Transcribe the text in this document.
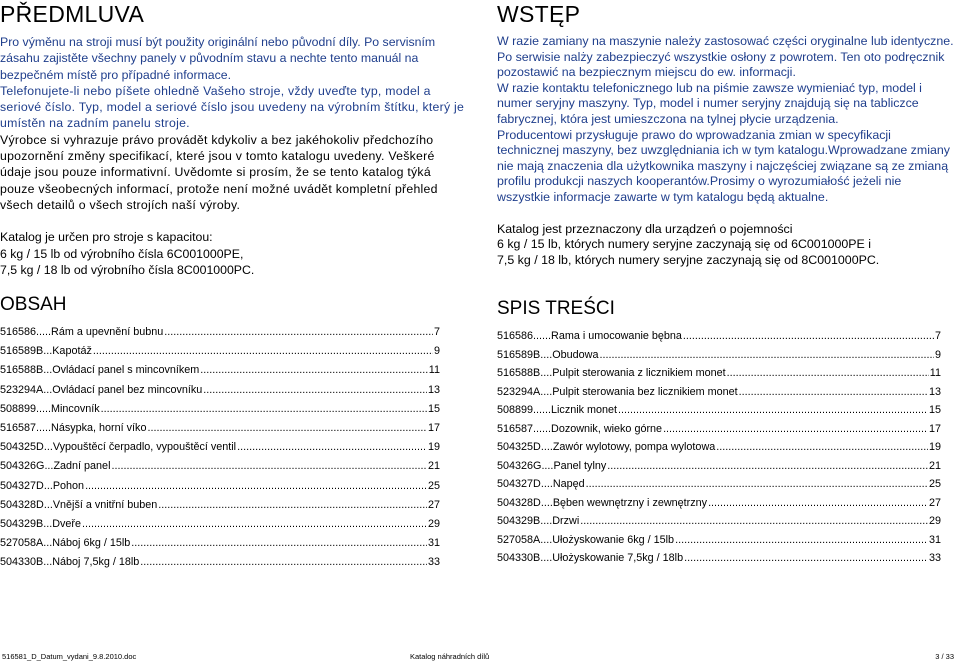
PŘEDMLUVA

Pro výměnu na stroji musí být použity originální nebo původní díly. Po servisním zásahu zajistěte všechny panely v původním stavu a nechte tento manuál na bezpečném místě pro případné informace.

Telefonujete-li nebo píšete ohledně Vašeho stroje, vždy uveďte typ, model a seriové číslo. Typ, model a seriové číslo jsou uvedeny na výrobním štítku, který je umístěn na zadním panelu stroje.

Výrobce si vyhrazuje právo provádět kdykoliv a bez jakéhokoliv předchozího upozornění změny specifikací, které jsou v tomto katalogu uvedeny. Veškeré údaje jsou pouze informativní. Uvědomte si prosím, že se tento katalog týká pouze všeobecných informací, protože není možné uvádět kompletní přehled všech detailů o všech strojích naší výroby.

Katalog je určen pro stroje s kapacitou:

6 kg / 15 lb od výrobního čísla 6C001000PE,

7,5 kg / 18 lb od výrobního čísla 8C001000PC.

WSTĘP

W razie zamiany na maszynie należy zastosować części oryginalne lub identyczne. Po serwisie nalży zabezpieczyć wszystkie osłony z powrotem. Ten oto podręcznik pozostawić na bezpiecznym miejscu do ew. informacji.

W razie kontaktu telefonicznego lub na piśmie zawsze wymieniać typ, model i numer seryjny maszyny. Typ, model i numer seryjny znajdują się na tabliczce fabrycznej, która jest umieszczona na tylnej płycie urządzenia.

Producentowi przysługuje prawo do wprowadzania zmian w specyfikacji technicznej maszyny, bez uwzględniania ich w tym katalogu.Wprowadzane zmiany nie mają znaczenia dla użytkownika maszyny i najczęściej związane są ze zmianą profilu produkcji naszych kooperantów.Prosimy o wyrozumiałość jeżeli nie wszystkie informacje zawarte w tym katalogu będą aktualne.

Katalog jest przeznaczony dla urządzeń o pojemności

6 kg / 15 lb, których numery seryjne zaczynają się od 6C001000PE i

7,5 kg / 18 lb, których numery seryjne zaczynają się od 8C001000PC.

OBSAH
516586 ..... Rám a upevnění bubnu .....	7
516589B ... Kapotáž .....	9
516588B ... Ovládací panel s mincovníkem .....	11
523294A ... Ovládací panel bez mincovníku .....	13
508899 ..... Mincovník .....	15
516587 ..... Násypka, horní víko .....	17
504325D ... Vypouštěcí čerpadlo, vypouštěcí ventil .....	19
504326G ... Zadní panel .....	21
504327D ... Pohon .....	25
504328D ... Vnější a vnitřní buben .....	27
504329B ... Dveře .....	29
527058A ... Náboj 6kg / 15lb .....	31
504330B ... Náboj 7,5kg / 18lb .....	33
SPIS TREŚCI
516586 ...... Rama i umocowanie bębna .....	7
516589B .... Obudowa .....	9
516588B .... Pulpit sterowania z licznikiem monet .....	11
523294A .... Pulpit sterowania bez licznikiem monet .....	13
508899 ...... Licznik monet .....	15
516587 ...... Dozownik, wieko górne .....	17
504325D .... Zawór wylotowy, pompa wylotowa .....	19
504326G .... Panel tylny .....	21
504327D .... Napęd .....	25
504328D .... Bęben wewnętrzny i zewnętrzny .....	27
504329B .... Drzwi .....	29
527058A .... Ułożyskowanie 6kg / 15lb .....	31
504330B .... Ułożyskowanie 7,5kg / 18lb .....	33
516581_D_Datum_vydani_9.8.2010.doc	Katalog náhradních dílů	3 / 33
